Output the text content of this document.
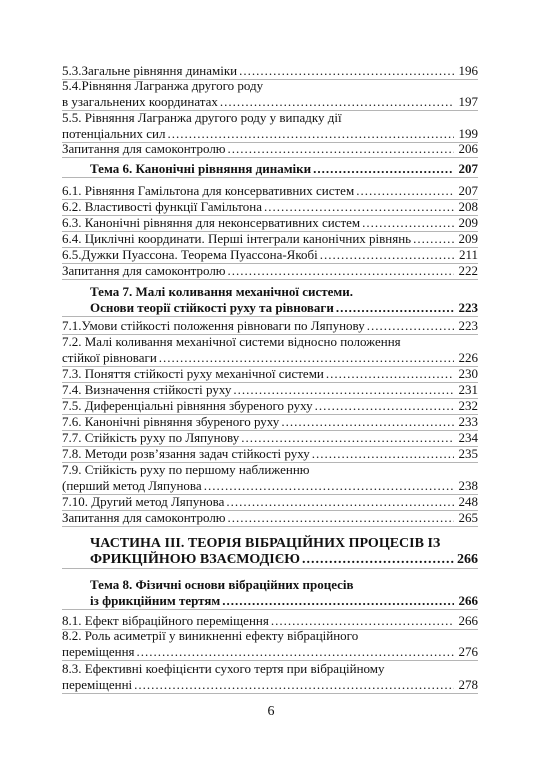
5.3.Загальне рівняння динаміки .....	196
5.4.Рівняння Лагранжа другого роду
в узагальнених координатах .....	197
5.5. Рівняння Лагранжа другого роду у випадку дії
потенціальних сил .....	199
Запитання для самоконтролю .....	206
Тема 6. Канонічні рівняння динаміки .....	207
6.1. Рівняння Гамільтона для консервативних систем .....	207
6.2. Властивості функції Гамільтона .....	208
6.3. Канонічні рівняння для неконсервативних систем .....	209
6.4. Циклічні координати. Перші інтеграли канонічних рівнянь .....	209
6.5.Дужки Пуассона. Теорема Пуассона-Якобі .....	211
Запитання для самоконтролю .....	222
Тема 7. Малі коливання механічної системи.
Основи теорії стійкості руху та рівноваги .....	223
7.1.Умови стійкості положення рівноваги по Ляпунову .....	223
7.2. Малі коливання механічної системи відносно положення
стійкої рівноваги .....	226
7.3. Поняття стійкості руху механічної системи .....	230
7.4. Визначення стійкості руху .....	231
7.5. Диференціальні рівняння збуреного руху .....	232
7.6. Канонічні рівняння збуреного руху .....	233
7.7. Стійкість руху по Ляпунову .....	234
7.8. Методи розв’язання задач стійкості руху .....	235
7.9. Стійкість руху по першому наближенню
(перший метод Ляпунова .....	238
7.10. Другий метод Ляпунова .....	248
Запитання для самоконтролю .....	265
ЧАСТИНА ІІІ. ТЕОРІЯ ВІБРАЦІЙНИХ ПРОЦЕСІВ ІЗ
ФРИКЦІЙНОЮ ВЗАЄМОДІЄЮ .....	266
Тема 8. Фізичні основи вібраційних процесів
із фрикційним тертям .....	266
8.1. Ефект вібраційного переміщення .....	266
8.2. Роль асиметрії у виникненні ефекту вібраційного
переміщення .....	276
8.3. Ефективні коефіцієнти сухого тертя при вібраційному
переміщенні .....	278
6
